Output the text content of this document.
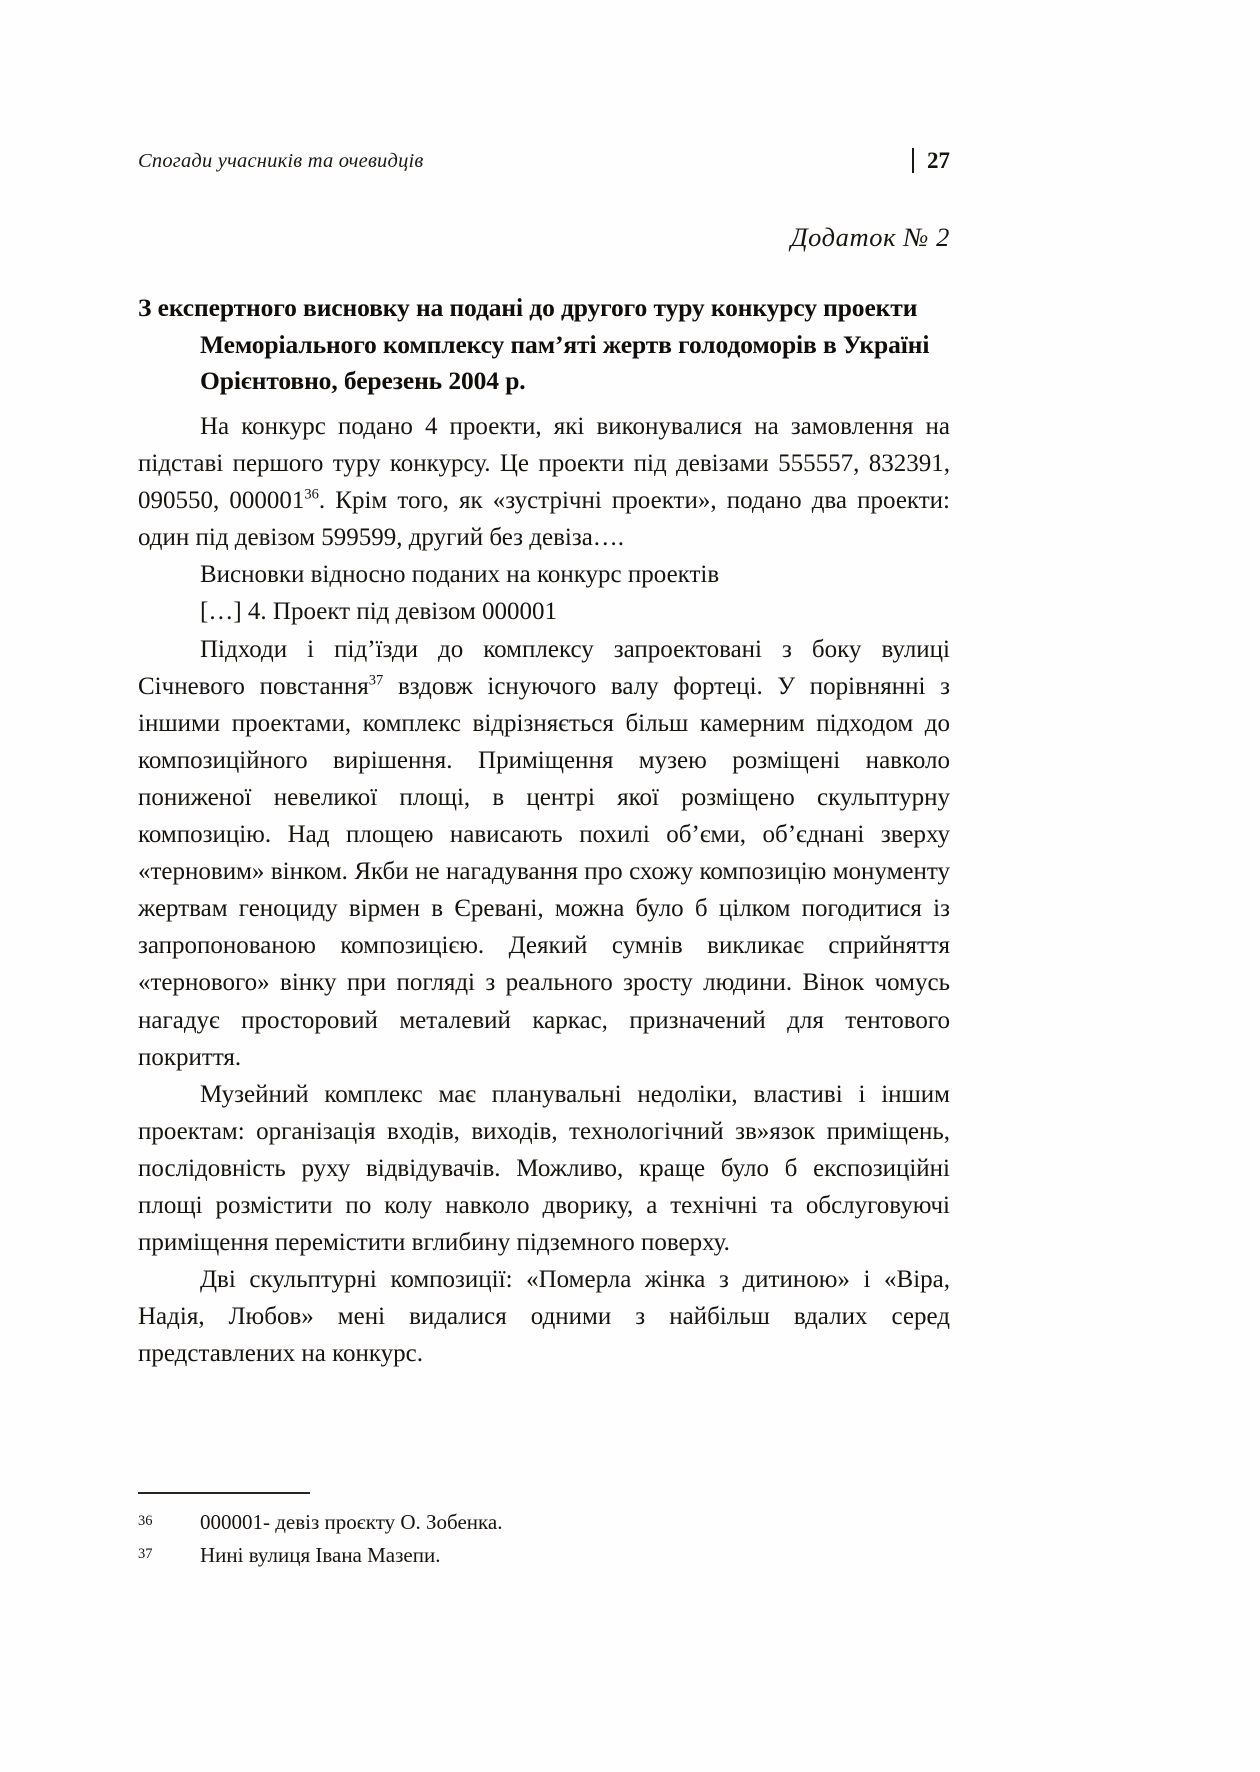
Спогади учасників та очевидців	27
Додаток № 2
З експертного висновку на подані до другого туру конкурсу проекти
Меморіального комплексу пам’яті жертв голодоморів в Україні
Орієнтовно, березень 2004 р.

На конкурс подано 4 проекти, які виконувалися на замовлення на підставі першого туру конкурсу. Це проекти під девізами 555557, 832391, 090550, 000001$^{36}$. Крім того, як «зустрічні проекти», подано два проекти: один під девізом 599599, другий без девіза….

Висновки відносно поданих на конкурс проектів

[…] 4. Проект під девізом 000001

Підходи і під’їзди до комплексу запроектовані з боку вулиці Січневого повстання$^{37}$ вздовж існуючого валу фортеці. У порівнянні з іншими проектами, комплекс відрізняється більш камерним підходом до композиційного вирішення. Приміщення музею розміщені навколо пониженої невеликої площі, в центрі якої розміщено скульптурну композицію. Над площею нависають похилі об’єми, об’єднані зверху «терновим» вінком. Якби не нагадування про схожу композицію монументу жертвам геноциду вірмен в Єревані, можна було б цілком погодитися із запропонованою композицією. Деякий сумнів викликає сприйняття «тернового» вінку при погляді з реального зросту людини. Вінок чомусь нагадує просторовий металевий каркас, призначений для тентового покриття.

Музейний комплекс має планувальні недоліки, властиві і іншим проектам: організація входів, виходів, технологічний зв»язок приміщень, послідовність руху відвідувачів. Можливо, краще було б експозиційні площі розмістити по колу навколо дворику, а технічні та обслуговуючі приміщення перемістити вглибину підземного поверху.

Дві скульптурні композиції: «Померла жінка з дитиною» і «Віра, Надія, Любов» мені видалися одними з найбільш вдалих серед представлених на конкурс.

36	000001- девіз проєкту О. Зобенка.
37	Нині вулиця Івана Мазепи.
